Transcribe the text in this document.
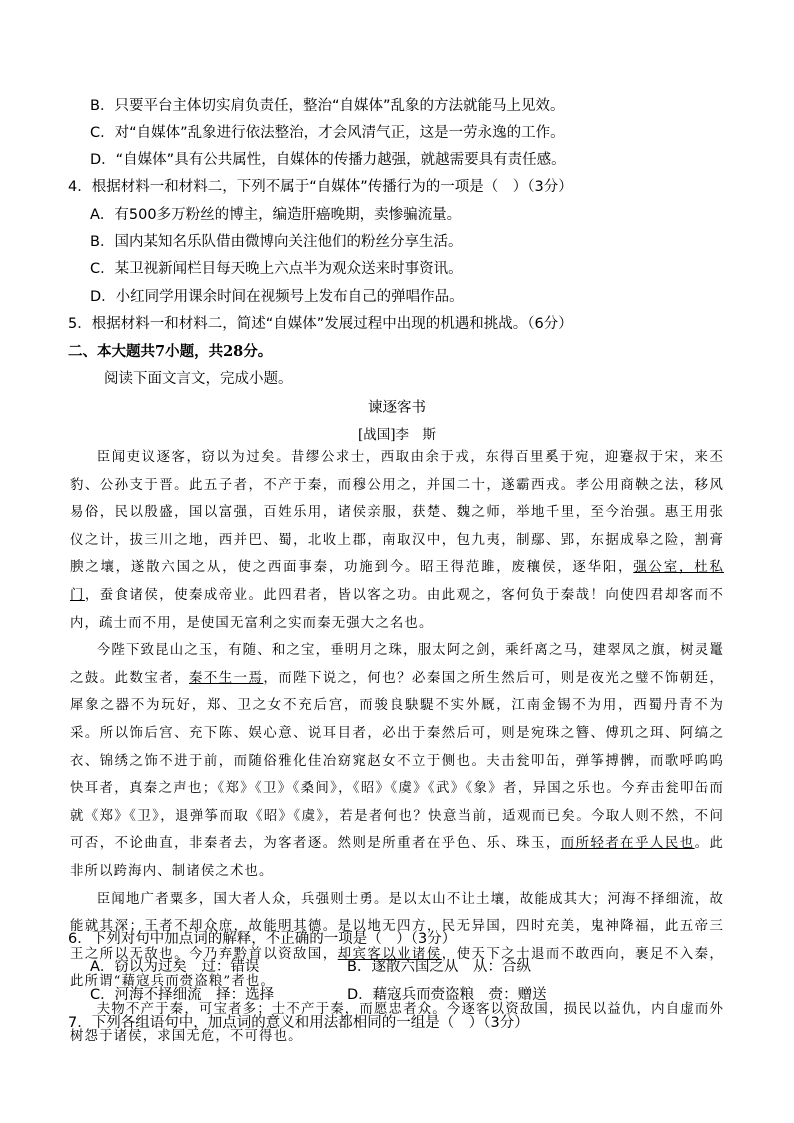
B．只要平台主体切实肩负责任，整治“自媒体”乱象的方法就能马上见效。
C．对“自媒体”乱象进行依法整治，才会风清气正，这是一劳永逸的工作。
D．“自媒体”具有公共属性，自媒体的传播力越强，就越需要具有责任感。
4．根据材料一和材料二，下列不属于“自媒体”传播行为的一项是（　）（3分）
A．有500多万粉丝的博主，编造肝癌晚期，卖惨骗流量。
B．国内某知名乐队借由微博向关注他们的粉丝分享生活。
C．某卫视新闻栏目每天晚上六点半为观众送来时事资讯。
D．小红同学用课余时间在视频号上发布自己的弹唱作品。
5．根据材料一和材料二，简述“自媒体”发展过程中出现的机遇和挑战。（6分）
二、本大题共7小题，共28分。
阅读下面文言文，完成小题。
谏逐客书
[战国]李　斯

臣闻吏议逐客，窃以为过矣。昔缪公求士，西取由余于戎，东得百里奚于宛，迎蹇叔于宋，来丕豹、公孙支于晋。此五子者，不产于秦，而穆公用之，并国二十，遂霸西戎。孝公用商鞅之法，移风易俗，民以殷盛，国以富强，百姓乐用，诸侯亲服，获楚、魏之师，举地千里，至今治强。惠王用张仪之计，拔三川之地，西并巴、蜀，北收上郡，南取汉中，包九夷，制鄢、郢，东据成皋之险，割膏腴之壤，遂散六国之从，使之西面事秦，功施到今。昭王得范雎，废穰侯，逐华阳，强公室，杜私门，蚕食诸侯，使秦成帝业。此四君者，皆以客之功。由此观之，客何负于秦哉！向使四君却客而不内，疏士而不用，是使国无富利之实而秦无强大之名也。

今陛下致昆山之玉，有随、和之宝，垂明月之珠，服太阿之剑，乘纤离之马，建翠凤之旗，树灵鼍之鼓。此数宝者，秦不生一焉，而陛下说之，何也？必秦国之所生然后可，则是夜光之璧不饰朝廷，犀象之器不为玩好，郑、卫之女不充后宫，而骏良駃騠不实外厩，江南金锡不为用，西蜀丹青不为采。所以饰后宫、充下陈、娱心意、说耳目者，必出于秦然后可，则是宛珠之簪、傅玑之珥、阿缟之衣、锦绣之饰不进于前，而随俗雅化佳冶窈窕赵女不立于侧也。夫击瓮叩缶，弹筝搏髀，而歌呼呜呜快耳者，真秦之声也；《郑》《卫》《桑间》，《昭》《虞》《武》《象》者，异国之乐也。今弃击瓮叩缶而就《郑》《卫》，退弹筝而取《昭》《虞》，若是者何也？快意当前，适观而已矣。今取人则不然，不问可否，不论曲直，非秦者去，为客者逐。然则是所重者在乎色、乐、珠玉，而所轻者在乎人民也。此非所以跨海内、制诸侯之术也。

臣闻地广者粟多，国大者人众，兵强则士勇。是以太山不让土壤，故能成其大；河海不择细流，故能就其深；王者不却众庶，故能明其德。是以地无四方，民无异国，四时充美，鬼神降福，此五帝三王之所以无敌也。今乃弃黔首以资敌国，却宾客以业诸侯，使天下之士退而不敢西向，裹足不入秦，此所谓“藉寇兵而赍盗粮”者也。

夫物不产于秦，可宝者多；士不产于秦，而愿忠者众。今逐客以资敌国，损民以益仇，内自虚而外树怨于诸侯，求国无危，不可得也。

6．下列对句中加点词的解释，不正确的一项是（　）（3分）
A．窃以为过矣　过：错误	B．遂散六国之从　从：合纵
C．河海不择细流　择：选择	D．藉寇兵而赍盗粮　赍：赠送
7．下列各组语句中，加点词的意义和用法都相同的一组是（　）（3分）
